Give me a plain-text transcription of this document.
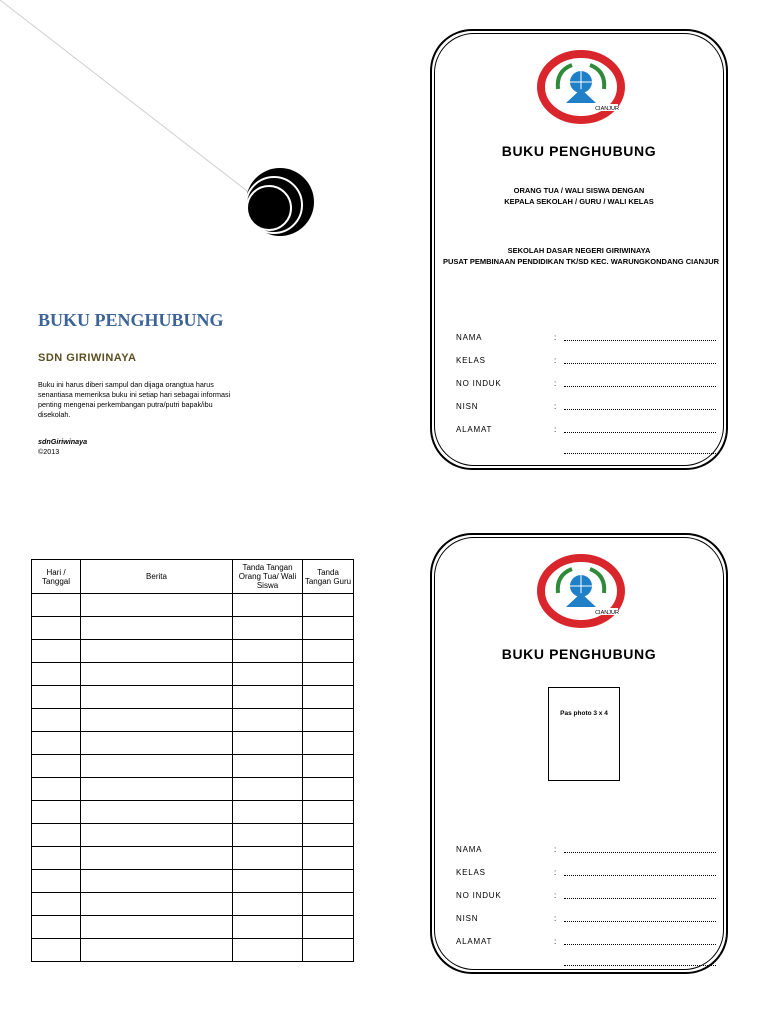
BUKU PENGHUBUNG
SDN GIRIWINAYA
Buku ini harus diberi sampul dan dijaga orangtua harus senantiasa memeriksa buku ini setiap hari sebagai informasi penting mengenai perkembangan putra/putri bapak/ibu disekolah.
sdnGiriwinaya
©2013
CIANJUR
BUKU PENGHUBUNG
ORANG TUA / WALI SISWA DENGAN
KEPALA SEKOLAH / GURU / WALI KELAS
SEKOLAH DASAR NEGERI GIRIWINAYA
PUSAT PEMBINAAN PENDIDIKAN TK/SD KEC. WARUNGKONDANG CIANJUR
NAMA	:
KELAS	:
NO INDUK	:
NISN	:
ALAMAT	:
CIANJUR
BUKU PENGHUBUNG
Pas photo 3 x 4
NAMA	:
KELAS	:
NO INDUK	:
NISN	:
ALAMAT	:
Hari / Tanggal	Berita	Tanda Tangan Orang Tua/ Wali Siswa	Tanda Tangan Guru
